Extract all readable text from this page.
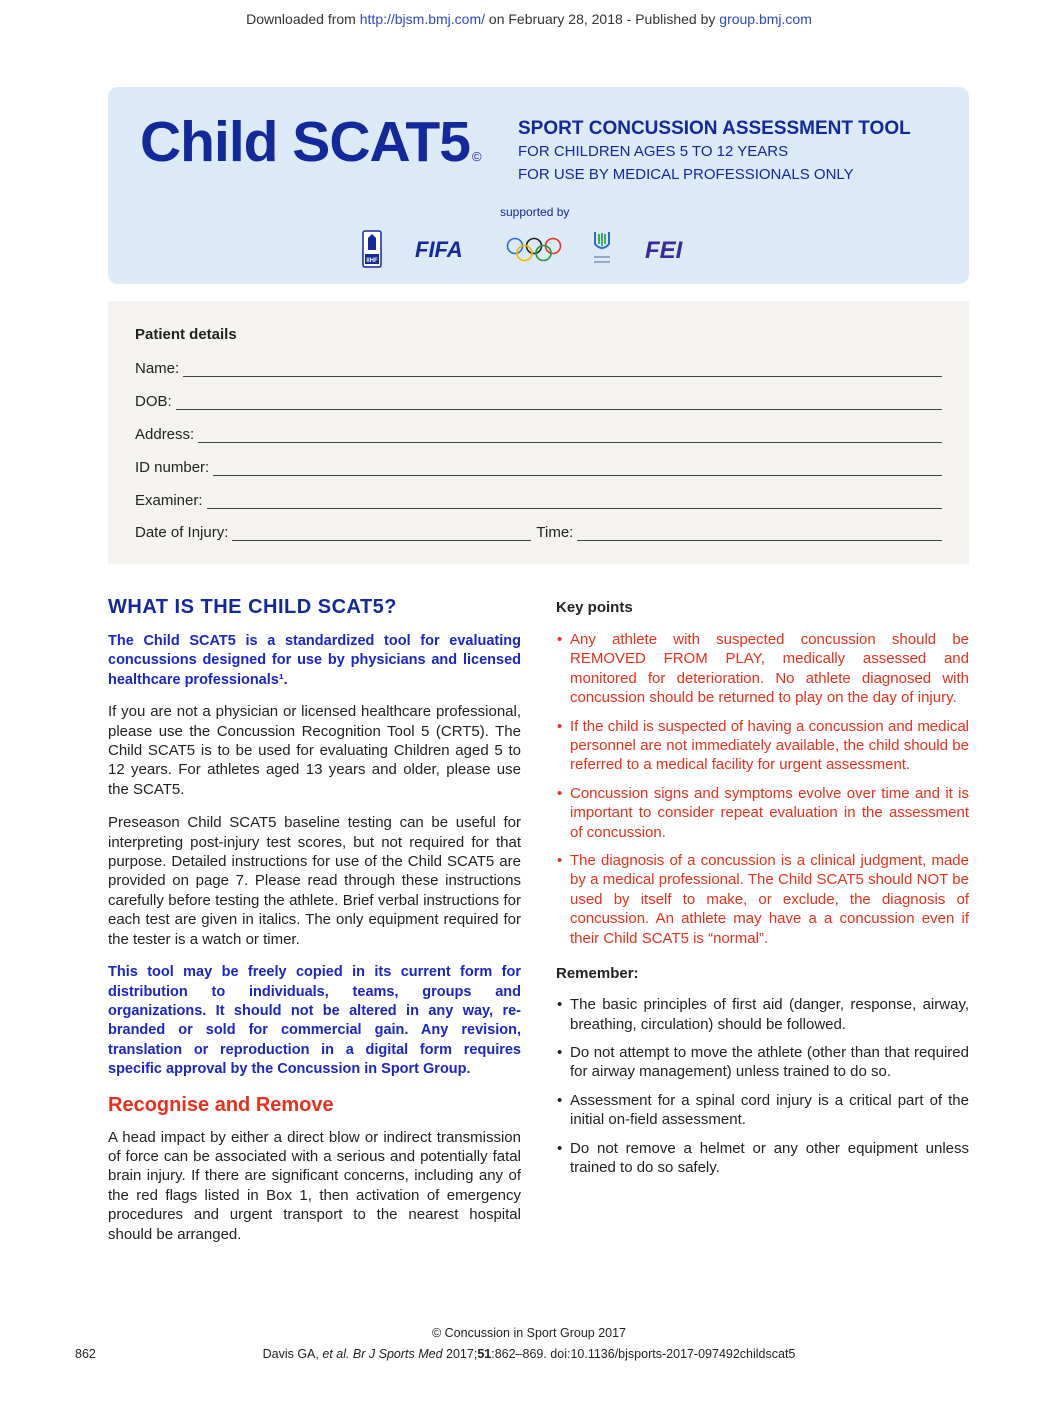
Downloaded from http://bjsm.bmj.com/ on February 28, 2018 - Published by group.bmj.com
Child SCAT5 ©
SPORT CONCUSSION ASSESSMENT TOOL
FOR CHILDREN AGES 5 TO 12 YEARS
FOR USE BY MEDICAL PROFESSIONALS ONLY
supported by
IIHF FIFA	FEI
Patient details
Name:
DOB:
Address:
ID number:
Examiner:
Date of Injury:	Time:
WHAT IS THE CHILD SCAT5?

The Child SCAT5 is a standardized tool for evaluating concussions designed for use by physicians and licensed healthcare professionals¹.

If you are not a physician or licensed healthcare professional, please use the Concussion Recognition Tool 5 (CRT5). The Child SCAT5 is to be used for evaluating Children aged 5 to 12 years. For athletes aged 13 years and older, please use the SCAT5.

Preseason Child SCAT5 baseline testing can be useful for interpreting post-injury test scores, but not required for that purpose. Detailed instructions for use of the Child SCAT5 are provided on page 7. Please read through these instructions carefully before testing the athlete. Brief verbal instructions for each test are given in italics. The only equipment required for the tester is a watch or timer.

This tool may be freely copied in its current form for distribution to individuals, teams, groups and organizations. It should not be altered in any way, re-branded or sold for commercial gain. Any revision, translation or reproduction in a digital form requires specific approval by the Concussion in Sport Group.

Recognise and Remove

A head impact by either a direct blow or indirect transmission of force can be associated with a serious and potentially fatal brain injury. If there are significant concerns, including any of the red flags listed in Box 1, then activation of emergency procedures and urgent transport to the nearest hospital should be arranged.

Key points
• Any athlete with suspected concussion should be REMOVED FROM PLAY, medically assessed and monitored for deterioration. No athlete diagnosed with concussion should be returned to play on the day of injury.
• If the child is suspected of having a concussion and medical personnel are not immediately available, the child should be referred to a medical facility for urgent assessment.
• Concussion signs and symptoms evolve over time and it is important to consider repeat evaluation in the assessment of concussion.
• The diagnosis of a concussion is a clinical judgment, made by a medical professional. The Child SCAT5 should NOT be used by itself to make, or exclude, the diagnosis of concussion. An athlete may have a a concussion even if their Child SCAT5 is “normal”.
Remember:
• The basic principles of first aid (danger, response, airway, breathing, circulation) should be followed.
• Do not attempt to move the athlete (other than that required for airway management) unless trained to do so.
• Assessment for a spinal cord injury is a critical part of the initial on-field assessment.
• Do not remove a helmet or any other equipment unless trained to do so safely.
© Concussion in Sport Group 2017
862	Davis GA, et al. Br J Sports Med 2017;51:862–869. doi:10.1136/bjsports-2017-097492childscat5
